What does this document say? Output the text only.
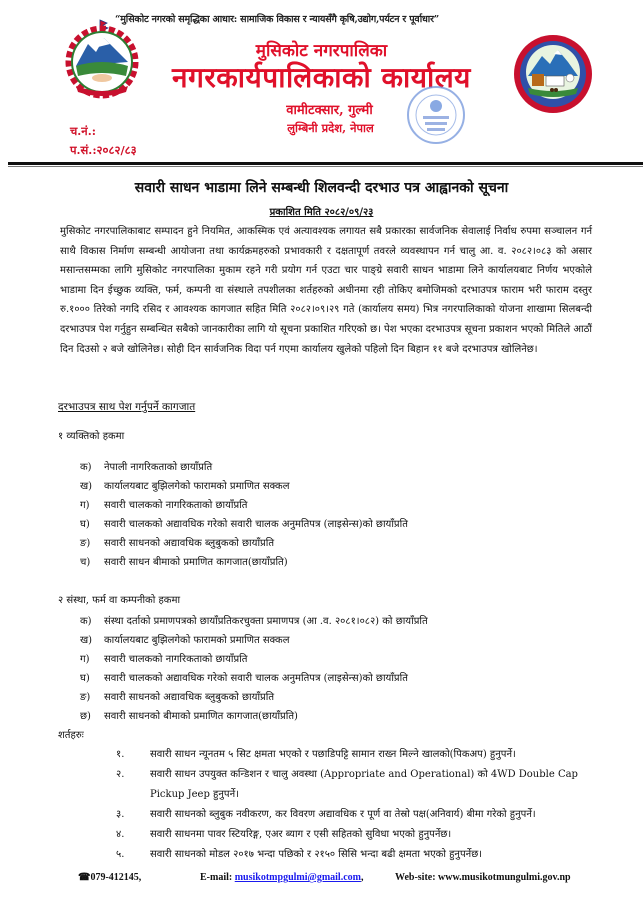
“मुसिकोट नगरको समृद्धिका आधार: सामाजिक विकास र न्यायसँगै कृषि,उद्योग,पर्यटन र पूर्वाधार”
मुसिकोट नगरपालिका
नगरकार्यपालिकाको कार्यालय
वामीटक्सार, गुल्मी
लुम्बिनी प्रदेश, नेपाल
च.नं.:
प.सं.:२०८२/८३
सवारी साधन भाडामा लिने सम्बन्धी शिलवन्दी दरभाउ पत्र आह्वानको सूचना
प्रकाशित मिति २०८२/०९/२३
मुसिकोट नगरपालिकाबाट सम्पादन हुने नियमित, आकस्मिक एवं अत्यावश्यक लगायत सबै प्रकारका सार्वजनिक सेवालाई निर्वाध रुपमा सञ्चालन गर्न साथै विकास निर्माण सम्बन्धी आयोजना तथा कार्यक्रमहरुको प्रभावकारी र दक्षतापूर्ण तवरले व्यवस्थापन गर्न चालु आ. व. २०८२।०८३ को असार मसान्तसम्मका लागि मुसिकोट नगरपालिका मुकाम रहने गरी प्रयोग गर्न एउटा चार पाङ्ग्रे सवारी साधन भाडामा लिने कार्यालयबाट निर्णय भएकोले भाडामा दिन ईच्छुक व्यक्ति, फर्म, कम्पनी वा संस्थाले तपशीलका शर्तहरुको अधीनमा रही तोकिए बमोजिमको दरभाउपत्र फाराम भरी फाराम दस्तुर रु.१००० तिरेको नगदि रसिद र आवश्यक कागजात सहित मिति २०८२।०९।२९ गते (कार्यालय समय) भित्र नगरपालिकाको योजना शाखामा सिलबन्दी दरभाउपत्र पेश गर्नुहुन सम्बन्धित सबैको जानकारीका लागि यो सूचना प्रकाशित गरिएको छ। पेश भएका दरभाउपत्र सूचना प्रकाशन भएको मितिले आठौं दिन दिउसो २ बजे खोलिनेछ। सोही दिन सार्वजनिक विदा पर्न गएमा कार्यालय खुलेको पहिलो दिन बिहान ११ बजे दरभाउपत्र खोलिनेछ।
दरभाउपत्र साथ पेश गर्नुपर्ने कागजात
१ व्यक्तिको हकमा
क) नेपाली नागरिकताको छायाँप्रति
ख) कार्यालयबाट बुझिलगेको फारामको प्रमाणित सक्कल
ग) सवारी चालकको नागरिकताको छायाँप्रति
घ) सवारी चालकको अद्यावधिक गरेको सवारी चालक अनुमतिपत्र (लाइसेन्स)को छायाँप्रति
ङ) सवारी साधनको अद्यावधिक ब्लुबुकको छायाँप्रति
च) सवारी साधन बीमाको प्रमाणित कागजात(छायाँप्रति)
२ संस्था, फर्म वा कम्पनीको हकमा
क) संस्था दर्ताको प्रमाणपत्रको छायाँप्रतिकरचुक्ता प्रमाणपत्र (आ .व. २०८१।०८२) को छायाँप्रति
ख) कार्यालयबाट बुझिलगेको फारामको प्रमाणित सक्कल
ग) सवारी चालकको नागरिकताको छायाँप्रति
घ) सवारी चालकको अद्यावधिक गरेको सवारी चालक अनुमतिपत्र (लाइसेन्स)को छायाँप्रति
ङ) सवारी साधनको अद्यावधिक ब्लुबुकको छायाँप्रति
छ) सवारी साधनको बीमाको प्रमाणित कागजात(छायाँप्रति)
शर्तहरुः
१.	सवारी साधन न्यूनतम ५ सिट क्षमता भएको र पछाडिपट्टि सामान राख्न मिल्ने खालको(पिकअप) हुनुपर्ने।
२.	सवारी साधन उपयुक्त कन्डिशन र चालु अवस्था (Appropriate and Operational) को 4WD Double Cap
Pickup Jeep हुनुपर्ने।
३.	सवारी साधनको ब्लुबुक नवीकरण, कर विवरण अद्यावधिक र पूर्ण वा तेस्रो पक्ष(अनिवार्य) बीमा गरेको हुनुपर्ने।
४.	सवारी साधनमा पावर स्टियरिङ्ग, एअर ब्याग र एसी सहितको सुविधा भएको हुनुपर्नेछ।
५.	सवारी साधनको मोडल २०१७ भन्दा पछिको र २१५० सिसि भन्दा बढी क्षमता भएको हुनुपर्नेछ।
☎079-412145,	E-mail: musikotmpgulmi@gmail.com,	Web-site: www.musikotmungulmi.gov.np
